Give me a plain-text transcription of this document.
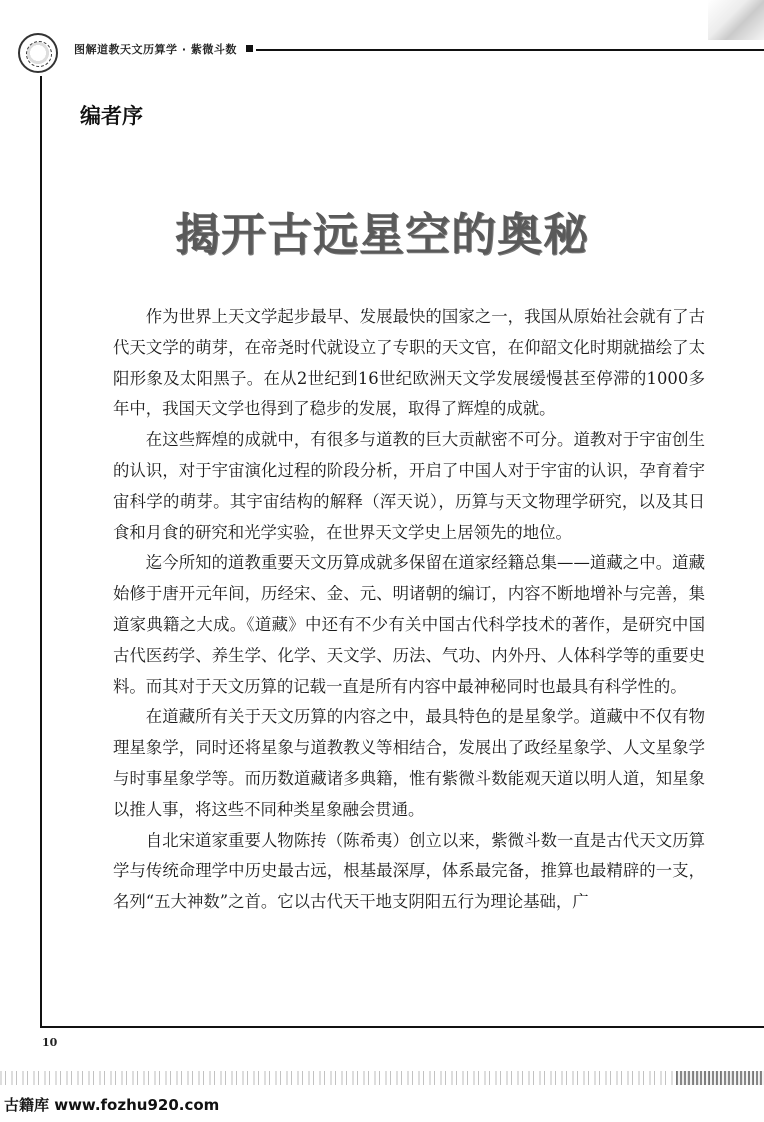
图解道教天文历算学 · 紫微斗数
编者序
揭开古远星空的奥秘

作为世界上天文学起步最早、发展最快的国家之一，我国从原始社会就有了古代天文学的萌芽，在帝尧时代就设立了专职的天文官，在仰韶文化时期就描绘了太阳形象及太阳黑子。在从2世纪到16世纪欧洲天文学发展缓慢甚至停滞的1000多年中，我国天文学也得到了稳步的发展，取得了辉煌的成就。

在这些辉煌的成就中，有很多与道教的巨大贡献密不可分。道教对于宇宙创生的认识，对于宇宙演化过程的阶段分析，开启了中国人对于宇宙的认识，孕育着宇宙科学的萌芽。其宇宙结构的解释（浑天说），历算与天文物理学研究，以及其日食和月食的研究和光学实验，在世界天文学史上居领先的地位。

迄今所知的道教重要天文历算成就多保留在道家经籍总集——道藏之中。道藏始修于唐开元年间，历经宋、金、元、明诸朝的编订，内容不断地增补与完善，集道家典籍之大成。《道藏》中还有不少有关中国古代科学技术的著作，是研究中国古代医药学、养生学、化学、天文学、历法、气功、内外丹、人体科学等的重要史料。而其对于天文历算的记载一直是所有内容中最神秘同时也最具有科学性的。

在道藏所有关于天文历算的内容之中，最具特色的是星象学。道藏中不仅有物理星象学，同时还将星象与道教教义等相结合，发展出了政经星象学、人文星象学与时事星象学等。而历数道藏诸多典籍，惟有紫微斗数能观天道以明人道，知星象以推人事，将这些不同种类星象融会贯通。

自北宋道家重要人物陈抟（陈希夷）创立以来，紫微斗数一直是古代天文历算学与传统命理学中历史最古远，根基最深厚，体系最完备，推算也最精辟的一支，名列“五大神数”之首。它以古代天干地支阴阳五行为理论基础，广

10
古籍库 www.fozhu920.com
